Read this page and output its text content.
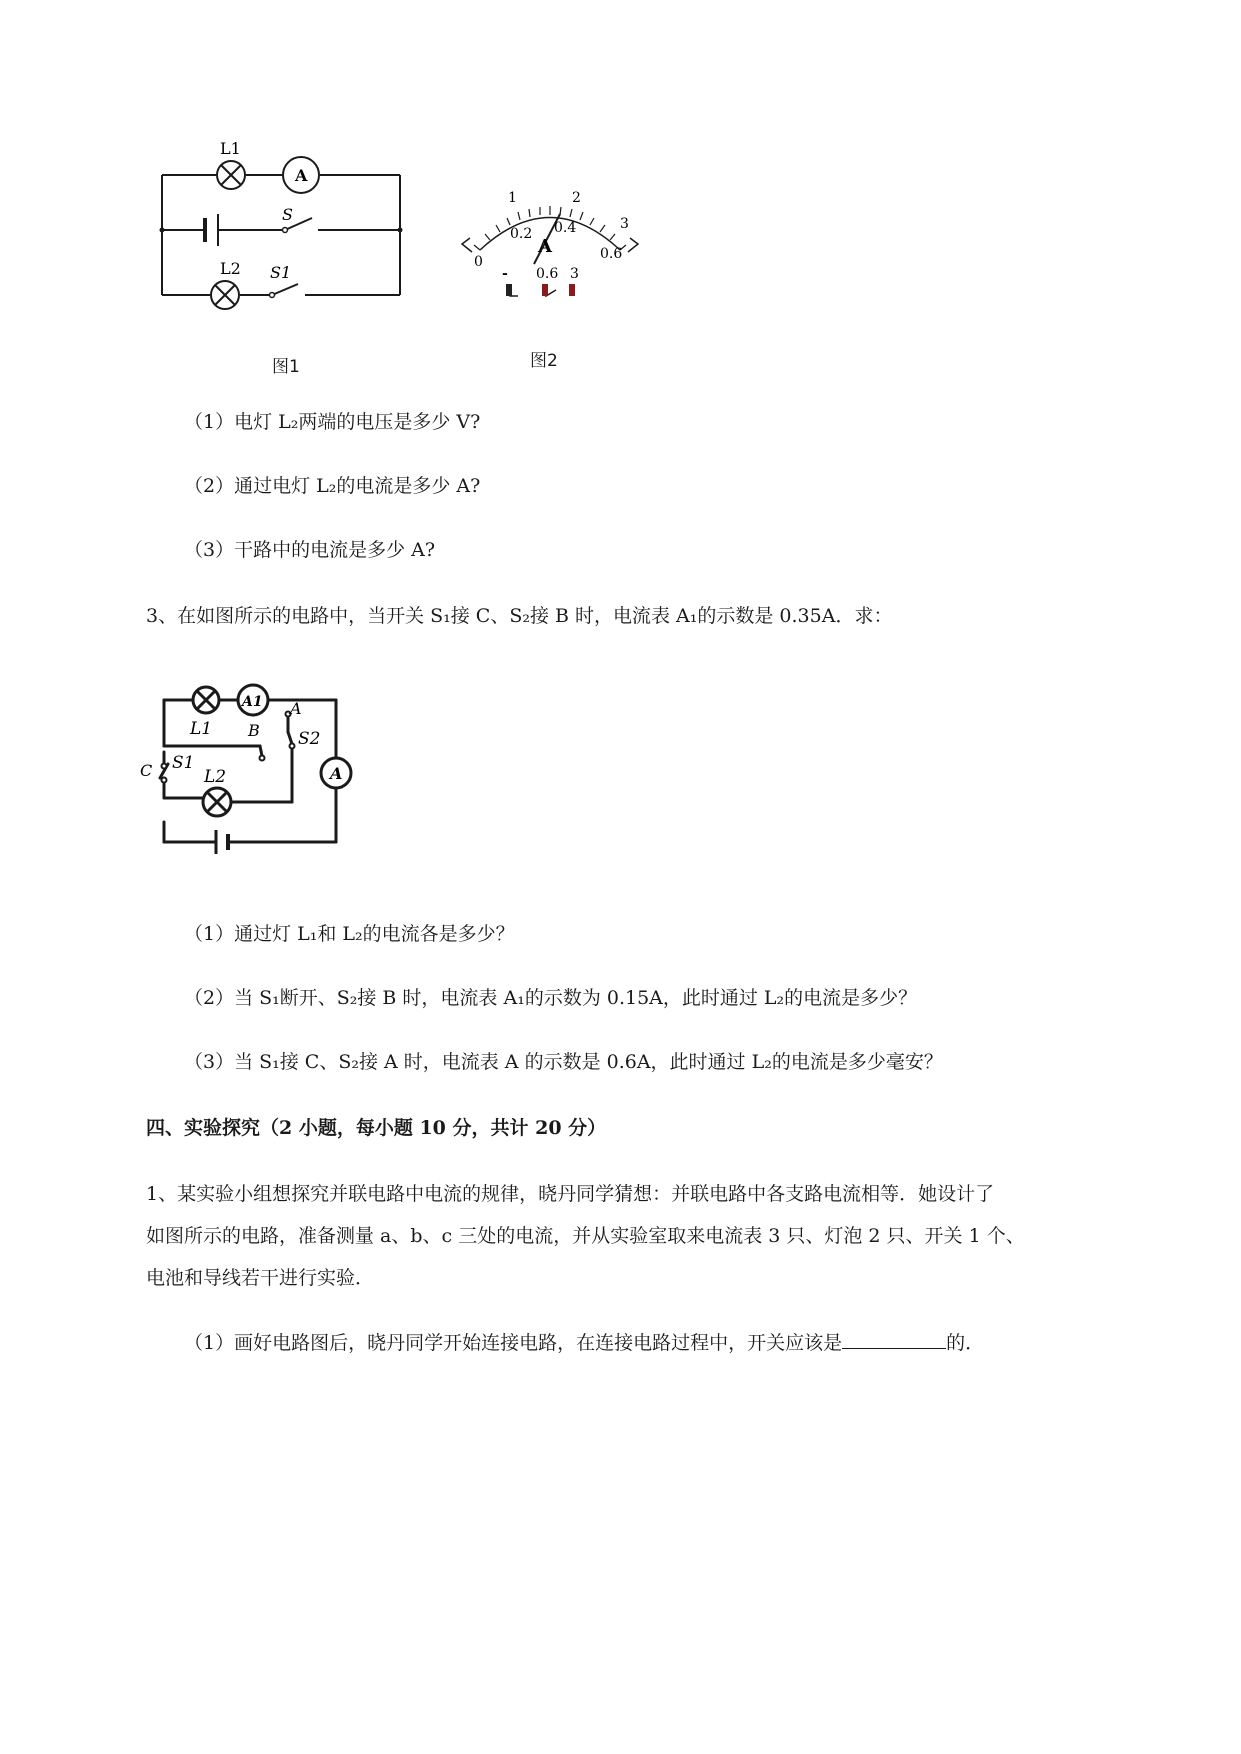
L1
A
S
L2 S1
图1
1	2
3
0
0.2 0.4
0.6
A
- 0.6 3
图2
（1）电灯 L₂两端的电压是多少 V?
（2）通过电灯 L₂的电流是多少 A?
（3）干路中的电流是多少 A?
3、在如图所示的电路中，当开关 S₁接 C、S₂接 B 时，电流表 A₁的示数是 0.35A．求：
A1
L1 B
A
S2
A
C S1
L2
（1）通过灯 L₁和 L₂的电流各是多少？
（2）当 S₁断开、S₂接 B 时，电流表 A₁的示数为 0.15A，此时通过 L₂的电流是多少？
（3）当 S₁接 C、S₂接 A 时，电流表 A 的示数是 0.6A，此时通过 L₂的电流是多少毫安？
四、实验探究（2 小题，每小题 10 分，共计 20 分）
1、某实验小组想探究并联电路中电流的规律，晓丹同学猜想：并联电路中各支路电流相等．她设计了
如图所示的电路，准备测量 a、b、c 三处的电流，并从实验室取来电流表 3 只、灯泡 2 只、开关 1 个、
电池和导线若干进行实验．
（1）画好电路图后，晓丹同学开始连接电路，在连接电路过程中，开关应该是	的．
